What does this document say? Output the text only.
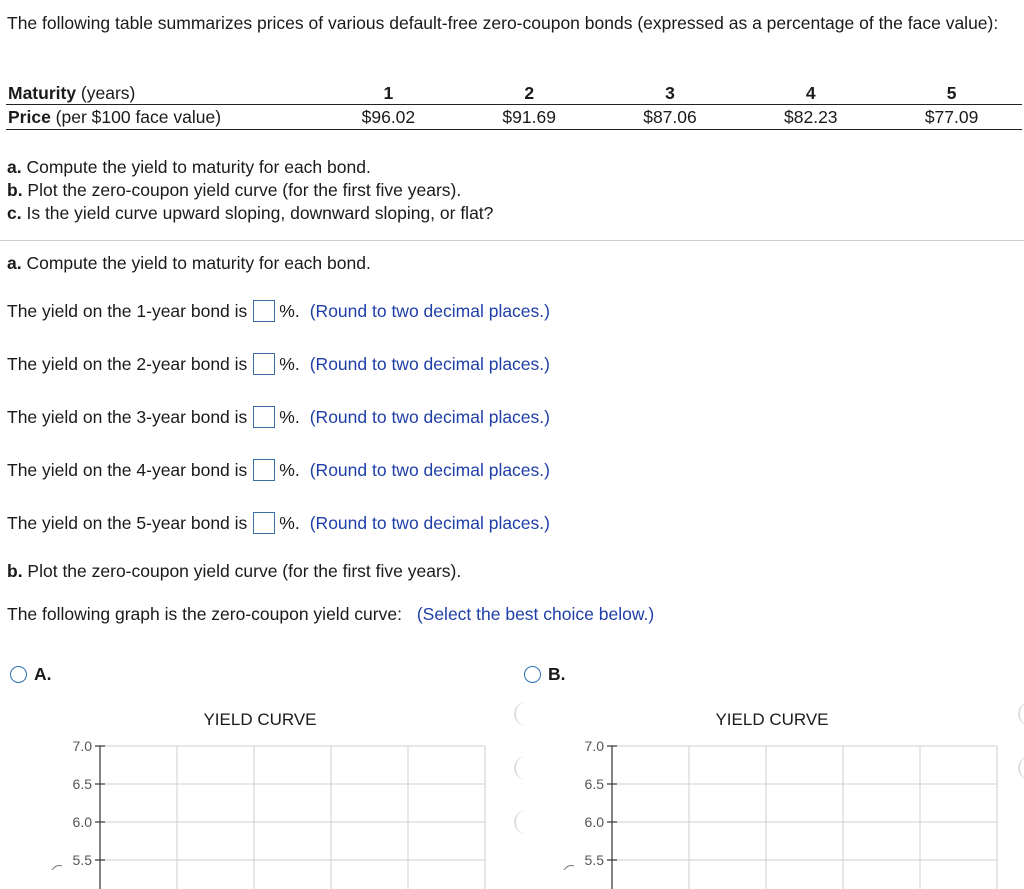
The following table summarizes prices of various default-free zero-coupon bonds (expressed as a percentage of the face value):
Maturity (years)	1	2	3	4	5
Price (per $100 face value)	$96.02	$91.69	$87.06	$82.23	$77.09
a. Compute the yield to maturity for each bond.
b. Plot the zero-coupon yield curve (for the first five years).
c. Is the yield curve upward sloping, downward sloping, or flat?
a. Compute the yield to maturity for each bond.
The yield on the 1-year bond is %. (Round to two decimal places.)
The yield on the 2-year bond is %. (Round to two decimal places.)
The yield on the 3-year bond is %. (Round to two decimal places.)
The yield on the 4-year bond is %. (Round to two decimal places.)
The yield on the 5-year bond is %. (Round to two decimal places.)
b. Plot the zero-coupon yield curve (for the first five years).
The following graph is the zero-coupon yield curve: (Select the best choice below.)
A.	B.
YIELD CURVE
7.0
6.5
6.0
5.5
YIELD CURVE
7.0
6.5
6.0
5.5
